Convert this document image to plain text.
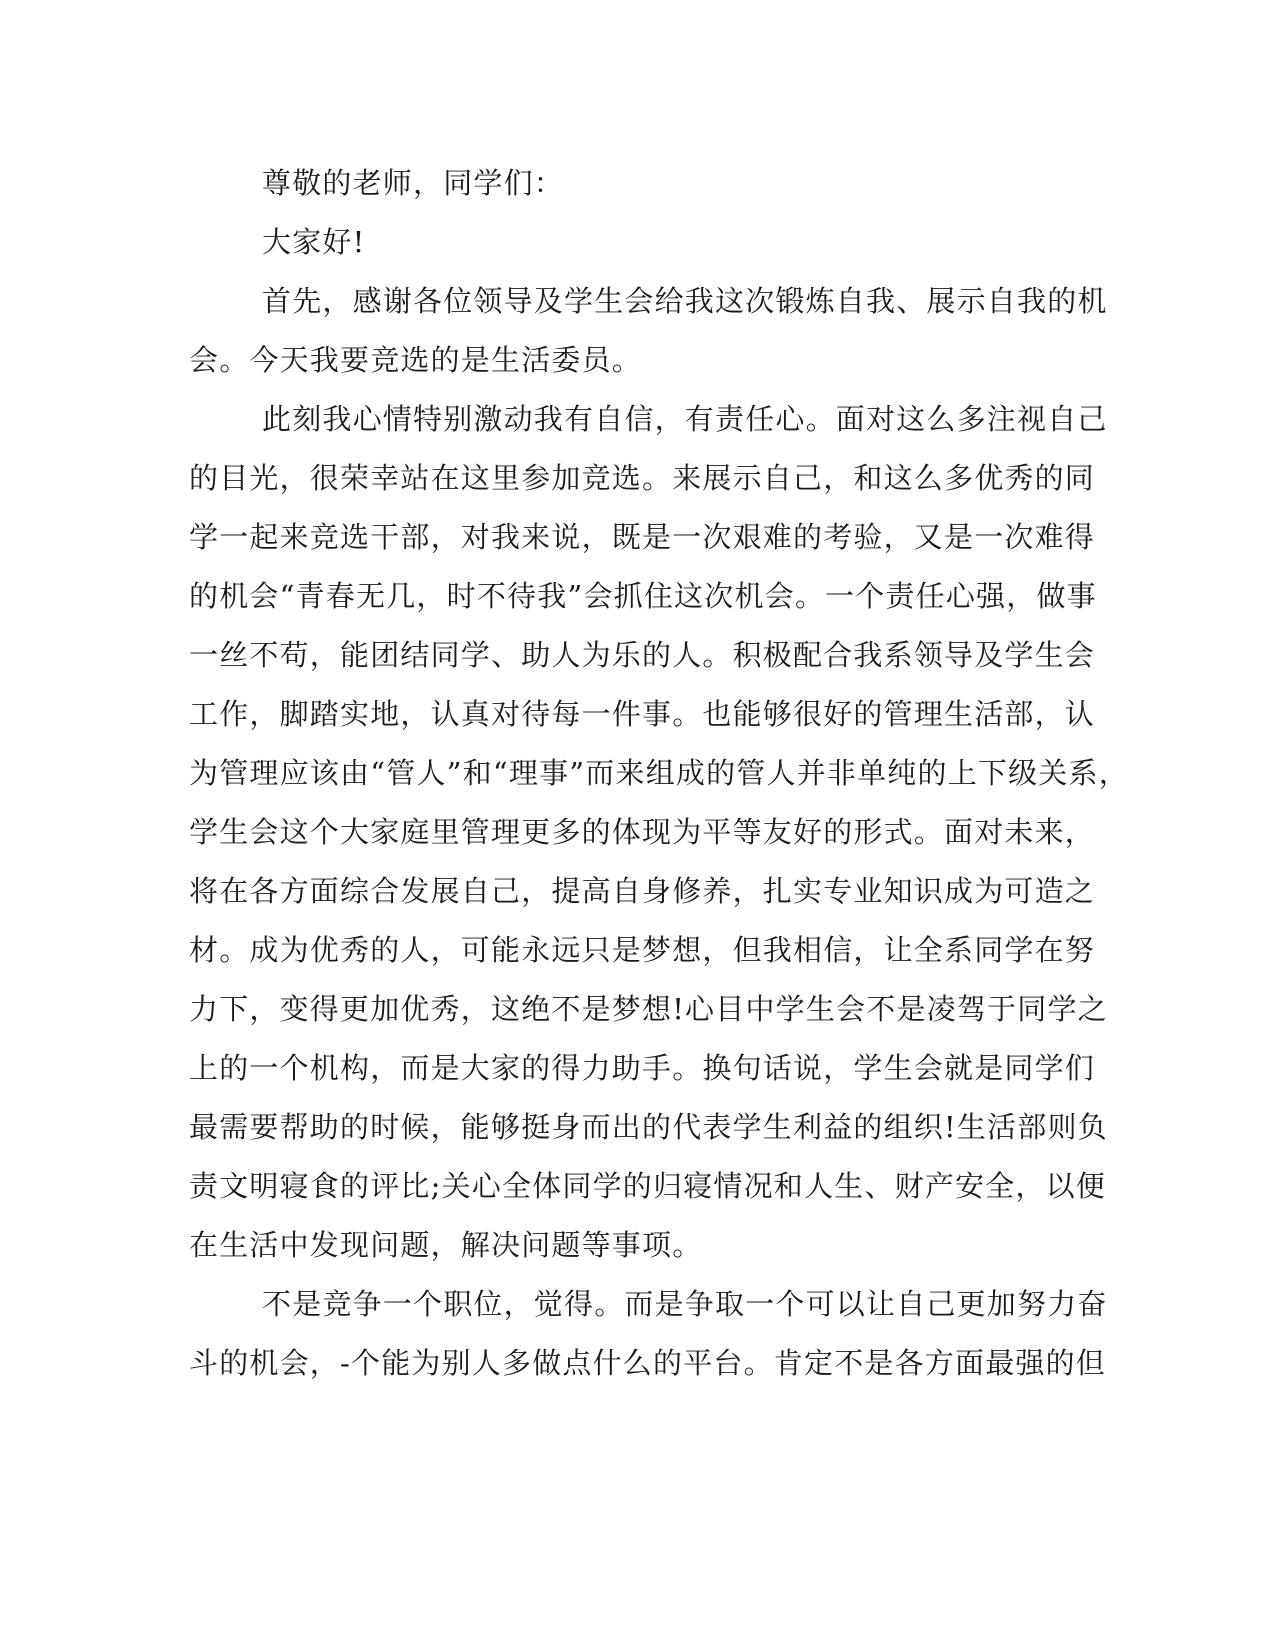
尊敬的老师，同学们：

大家好!

首先，感谢各位领导及学生会给我这次锻炼自我、展示自我的机

会。今天我要竞选的是生活委员。

此刻我心情特别激动我有自信，有责任心。面对这么多注视自己

的目光，很荣幸站在这里参加竞选。来展示自己，和这么多优秀的同

学一起来竞选干部，对我来说，既是一次艰难的考验，又是一次难得

的机会“青春无几，时不待我”会抓住这次机会。一个责任心强，做事

一丝不苟，能团结同学、助人为乐的人。积极配合我系领导及学生会

工作，脚踏实地，认真对待每一件事。也能够很好的管理生活部，认

为管理应该由“管人”和“理事”而来组成的管人并非单纯的上下级关系，

学生会这个大家庭里管理更多的体现为平等友好的形式。面对未来，

将在各方面综合发展自己，提高自身修养，扎实专业知识成为可造之

材。成为优秀的人，可能永远只是梦想，但我相信，让全系同学在努

力下，变得更加优秀，这绝不是梦想!心目中学生会不是凌驾于同学之

上的一个机构，而是大家的得力助手。换句话说，学生会就是同学们

最需要帮助的时候，能够挺身而出的代表学生利益的组织!生活部则负

责文明寝食的评比;关心全体同学的归寝情况和人生、财产安全，以便

在生活中发现问题，解决问题等事项。

不是竞争一个职位，觉得。而是争取一个可以让自己更加努力奋

斗的机会，-个能为别人多做点什么的平台。肯定不是各方面最强的但
